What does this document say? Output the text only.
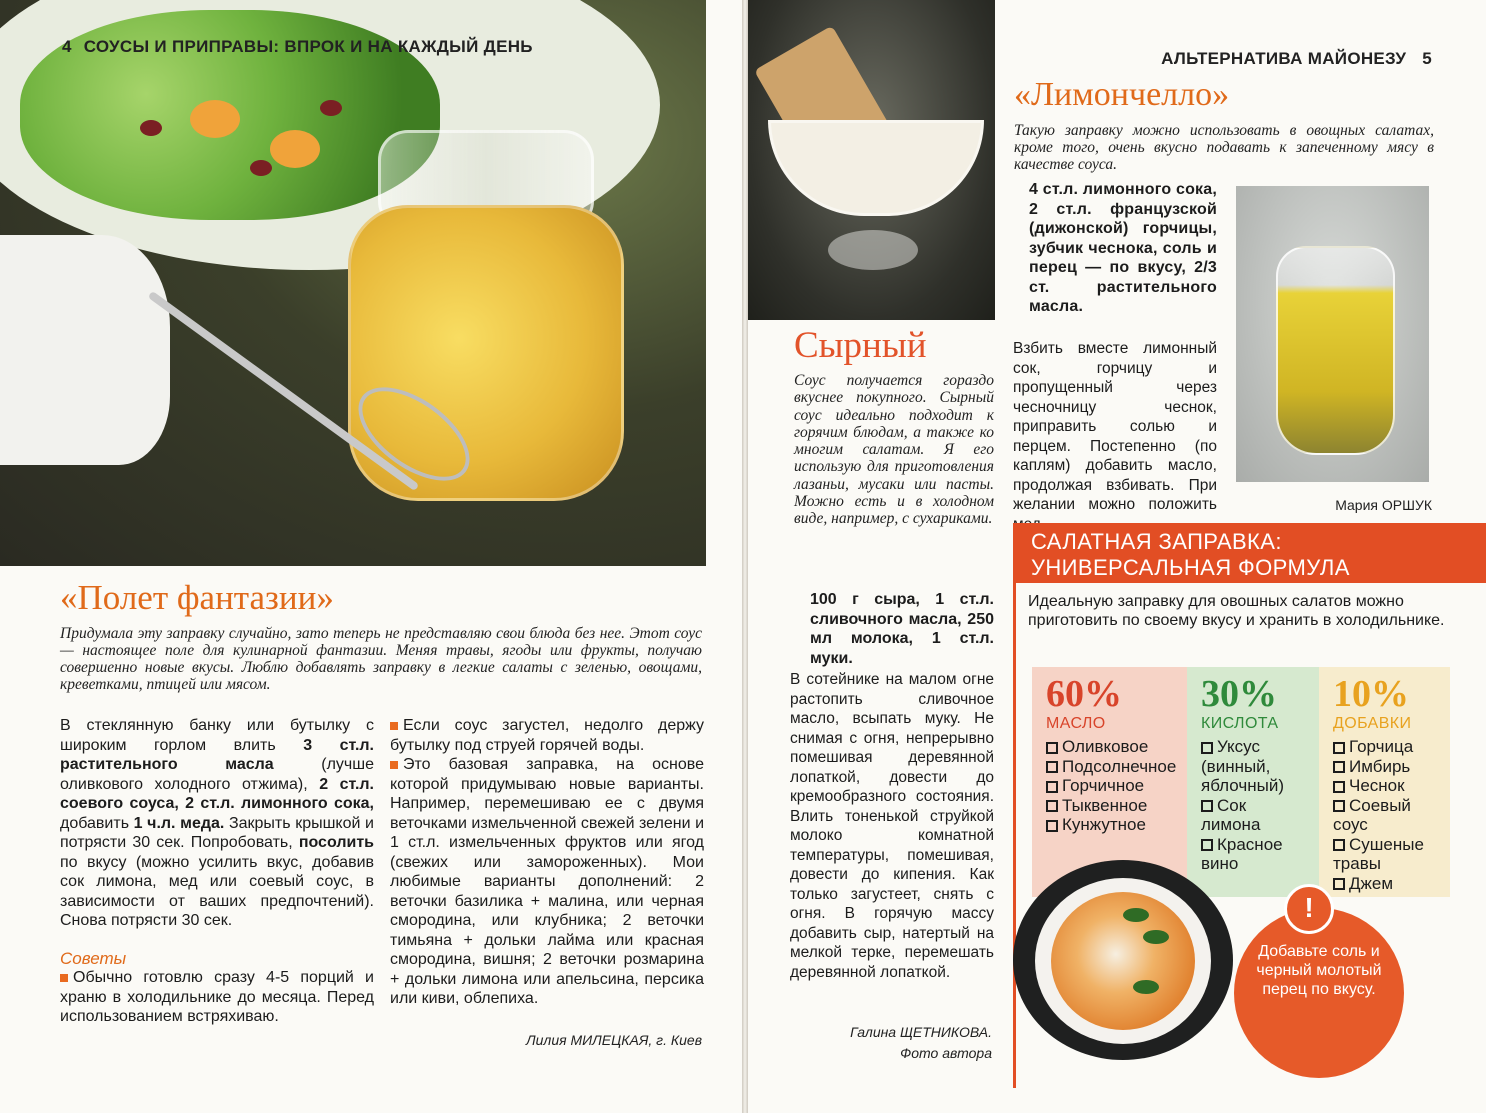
4 СОУСЫ И ПРИПРАВЫ: ВПРОК И НА КАЖДЫЙ ДЕНЬ
«Полет фантазии»
Придумала эту заправку случайно, зато теперь не представляю свои блюда без нее. Этот соус — настоящее поле для кулинарной фантазии. Меняя травы, ягоды или фрукты, получаю совершенно новые вкусы. Люблю добавлять заправку в легкие салаты с зеленью, овощами, креветками, птицей или мясом.
В стеклянную банку или бутылку с широким горлом влить 3 ст.л. растительного масла (лучше оливкового холодного отжима), 2 ст.л. соевого соуса, 2 ст.л. лимонного сока, добавить 1 ч.л. меда. Закрыть крышкой и потрясти 30 сек. Попробовать, посолить по вкусу (можно усилить вкус, добавив сок лимона, мед или соевый соус, в зависимости от ваших предпочтений). Снова потрясти 30 сек.
Советы
Обычно готовлю сразу 4-5 порций и храню в холодильнике до месяца. Перед использованием встряхиваю.
Если соус загустел, недолго держу бутылку под струей горячей воды.
Это базовая заправка, на основе которой придумываю новые варианты. Например, перемешиваю ее с двумя веточками измельченной свежей зелени и 1 ст.л. измельченных фруктов или ягод (свежих или замороженных). Мои любимые варианты дополнений: 2 веточки базилика + малина, или черная смородина, или клубника; 2 веточки тимьяна + дольки лайма или красная смородина, вишня; 2 веточки розмарина + дольки лимона или апельсина, персика или киви, облепиха.
Лилия МИЛЕЦКАЯ, г. Киев
АЛЬТЕРНАТИВА МАЙОНЕЗУ 5
«Лимончелло»
Такую заправку можно использовать в овощных салатах, кроме того, очень вкусно подавать к запеченному мясу в качестве соуса.
4 ст.л. лимонного сока, 2 ст.л. французской (дижонской) горчицы, зубчик чеснока, соль и перец — по вкусу, 2/3 ст. растительного масла.
Взбить вместе лимонный сок, горчицу и пропущенный через чесночницу чеснок, приправить солью и перцем. Постепенно (по каплям) добавить масло, продолжая взбивать. При желании можно положить	Мария ОРШУК
Сырный
Соус получается гораздо вкуснее покупного. Сырный соус идеально подходит к горячим блюдам, а также ко многим салатам. Я его использую для приготовления лазаньи, мусаки или пасты. Можно есть и в холодном виде, например, с сухариками.
100 г сыра, 1 ст.л. сливочного масла, 250 мл молока, 1 ст.л. муки.
В сотейнике на малом огне растопить сливочное масло, всыпать муку. Не снимая с огня, непрерывно помешивая деревянной лопаткой, довести до кремообразного состояния. Влить тоненькой струйкой молоко комнатной температуры, помешивая, довести до кипения. Как только загустеет, снять с огня. В горячую массу добавить сыр, натертый на мелкой терке, перемешать деревянной лопаткой.
Галина ЩЕТНИКОВА.
Фото автора
САЛАТНАЯ ЗАПРАВКА:
УНИВЕРСАЛЬНАЯ ФОРМУЛА
Идеальную заправку для овошных салатов можно приготовить по своему вкусу и хранить в холодильнике.
60%
МАСЛО
Оливковое
Подсолнечное
Горчичное
Тыквенное
Кунжутное
30%
КИСЛОТА
Уксус (винный, яблочный)
Сок лимона
Красное вино
10%
ДОБАВКИ
Горчица
Имбирь
Чеснок
Соевый соус
Сушеные травы
Джем
Добавьте соль и черный молотый перец по вкусу.
!
